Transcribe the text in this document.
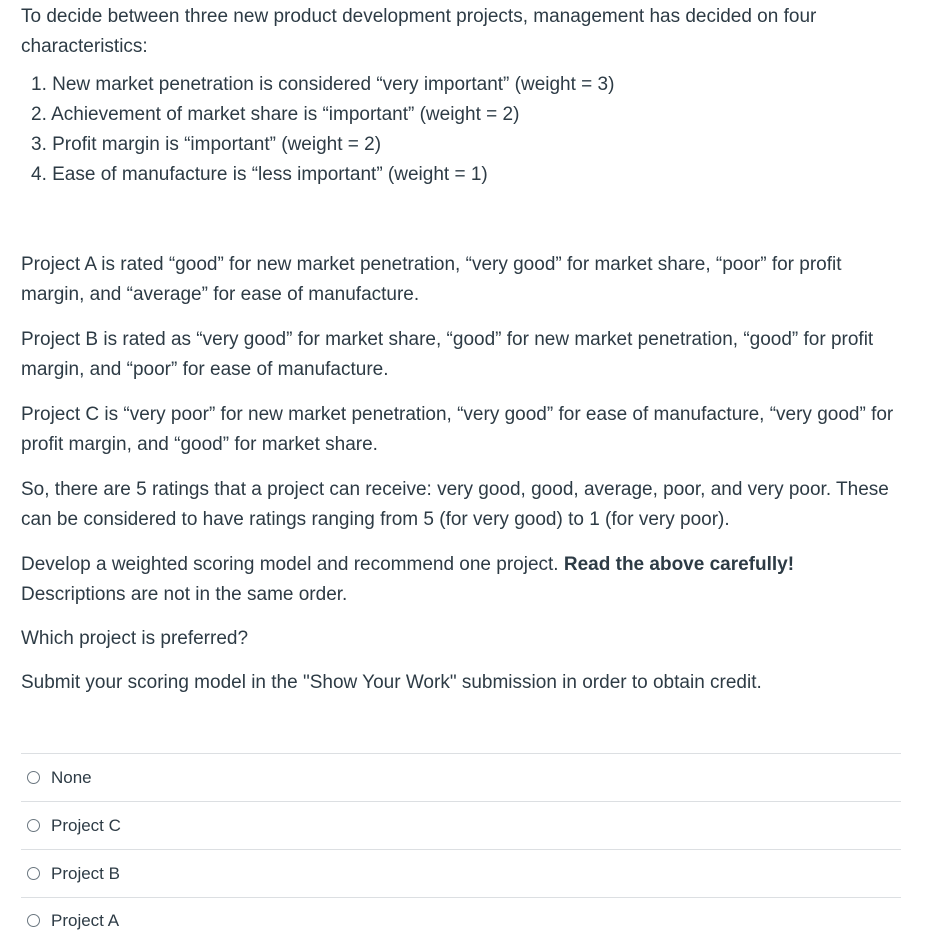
To decide between three new product development projects, management has decided on four characteristics:

1. New market penetration is considered “very important” (weight = 3)
2. Achievement of market share is “important” (weight = 2)
3. Profit margin is “important” (weight = 2)
4. Ease of manufacture is “less important” (weight = 1)

Project A is rated “good” for new market penetration, “very good” for market share, “poor” for profit margin, and “average” for ease of manufacture.

Project B is rated as “very good” for market share, “good” for new market penetration, “good” for profit margin, and “poor” for ease of manufacture.

Project C is “very poor” for new market penetration, “very good” for ease of manufacture, “very good” for profit margin, and “good” for market share.

So, there are 5 ratings that a project can receive: very good, good, average, poor, and very poor. These can be considered to have ratings ranging from 5 (for very good) to 1 (for very poor).

Develop a weighted scoring model and recommend one project. Read the above carefully! Descriptions are not in the same order.

Which project is preferred?

Submit your scoring model in the "Show Your Work" submission in order to obtain credit.

None
Project C
Project B
Project A
